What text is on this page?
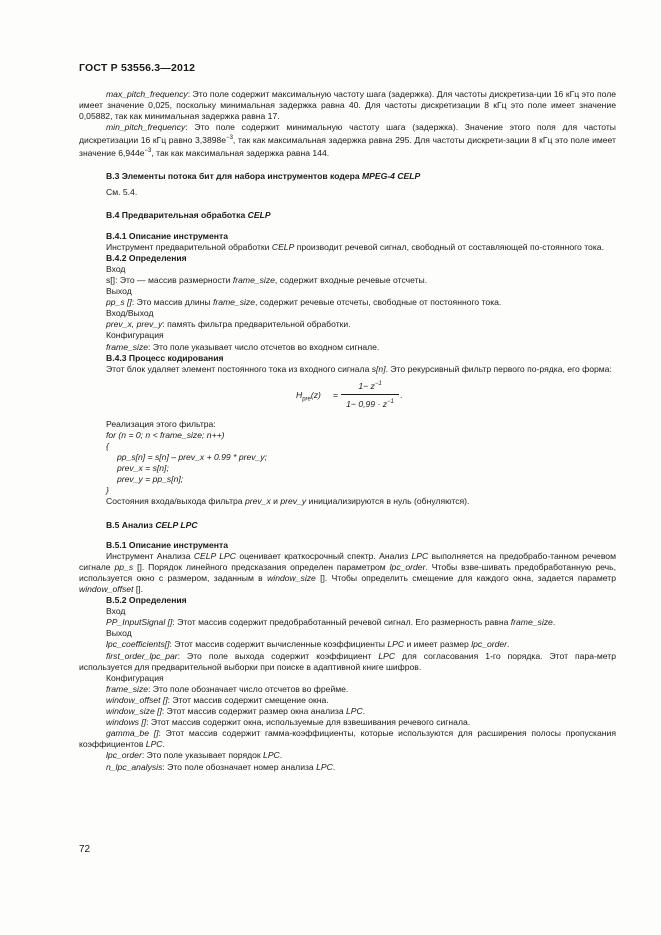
ГОСТ Р 53556.3—2012

max_pitch_frequency: Это поле содержит максимальную частоту шага (задержка). Для частоты дискретиза-ции 16 кГц это поле имеет значение 0,025, поскольку минимальная задержка равна 40. Для частоты дискретизации 8 кГц это поле имеет значение 0,05882, так как минимальная задержка равна 17.

min_pitch_frequency: Это поле содержит минимальную частоту шага (задержка). Значение этого поля для частоты дискретизации 16 кГц равно $3,3898e^{-3}$, так как максимальная задержка равна 295. Для частоты дискрети-зации 8 кГц это поле имеет значение $6,944e^{-3}$, так как максимальная задержка равна 144.

В.3 Элементы потока бит для набора инструментов кодера MPEG-4 CELP

См. 5.4.

В.4 Предварительная обработка CELP

В.4.1 Описание инструмента

Инструмент предварительной обработки CELP производит речевой сигнал, свободный от составляющей по-стоянного тока.

В.4.2 Определения

Вход

s[]: Это — массив размерности frame_size, содержит входные речевые отсчеты.

Выход

pp_s []: Это массив длины frame_size, содержит речевые отсчеты, свободные от постоянного тока.

Вход/Выход

prev_x, prev_y: память фильтра предварительной обработки.

Конфигурация

frame_size: Это поле указывает число отсчетов во входном сигнале.

В.4.3 Процесс кодирования

Этот блок удаляет элемент постоянного тока из входного сигнала s[n]. Это рекурсивный фильтр первого по-рядка, его форма:

$H_{pre}(z) = \frac{1- z^{-1}}{1- 0,99 \cdot z^{-1}}$ .

Реализация этого фильтра:

for (n = 0; n < frame_size; n++)

{

pp_s[n] = s[n] – prev_x + 0.99 * prev_y;

prev_x = s[n];

prev_y = pp_s[n];

}

Состояния входа/выхода фильтра prev_x и prev_y инициализируются в нуль (обнуляются).

В.5 Анализ CELP LPC

В.5.1 Описание инструмента

Инструмент Анализа CELP LPC оценивает краткосрочный спектр. Анализ LPC выполняется на предобрабо-танном речевом сигнале pp_s []. Порядок линейного предсказания определен параметром lpc_order. Чтобы взве-шивать предобработанную речь, используется окно с размером, заданным в window_size []. Чтобы определить смещение для каждого окна, задается параметр window_offset [].

В.5.2 Определения

Вход

PP_InputSignal []: Этот массив содержит предобработанный речевой сигнал. Его размерность равна frame_size.

Выход

lpc_coefficients[]: Этот массив содержит вычисленные коэффициенты LPC и имеет размер lpc_order.

first_order_lpc_par: Это поле выхода содержит коэффициент LPC для согласования 1-го порядка. Этот пара-метр используется для предварительной выборки при поиске в адаптивной книге шифров.

Конфигурация

frame_size: Это поле обозначает число отсчетов во фрейме.

window_offset []: Этот массив содержит смещение окна.

window_size []: Этот массив содержит размер окна анализа LPC.

windows []: Этот массив содержит окна, используемые для взвешивания речевого сигнала.

gamma_be []: Этот массив содержит гамма-коэффициенты, которые используются для расширения полосы пропускания коэффициентов LPC.

lpc_order: Это поле указывает порядок LPC.

n_lpc_analysis: Это поле обозначает номер анализа LPC.

72
